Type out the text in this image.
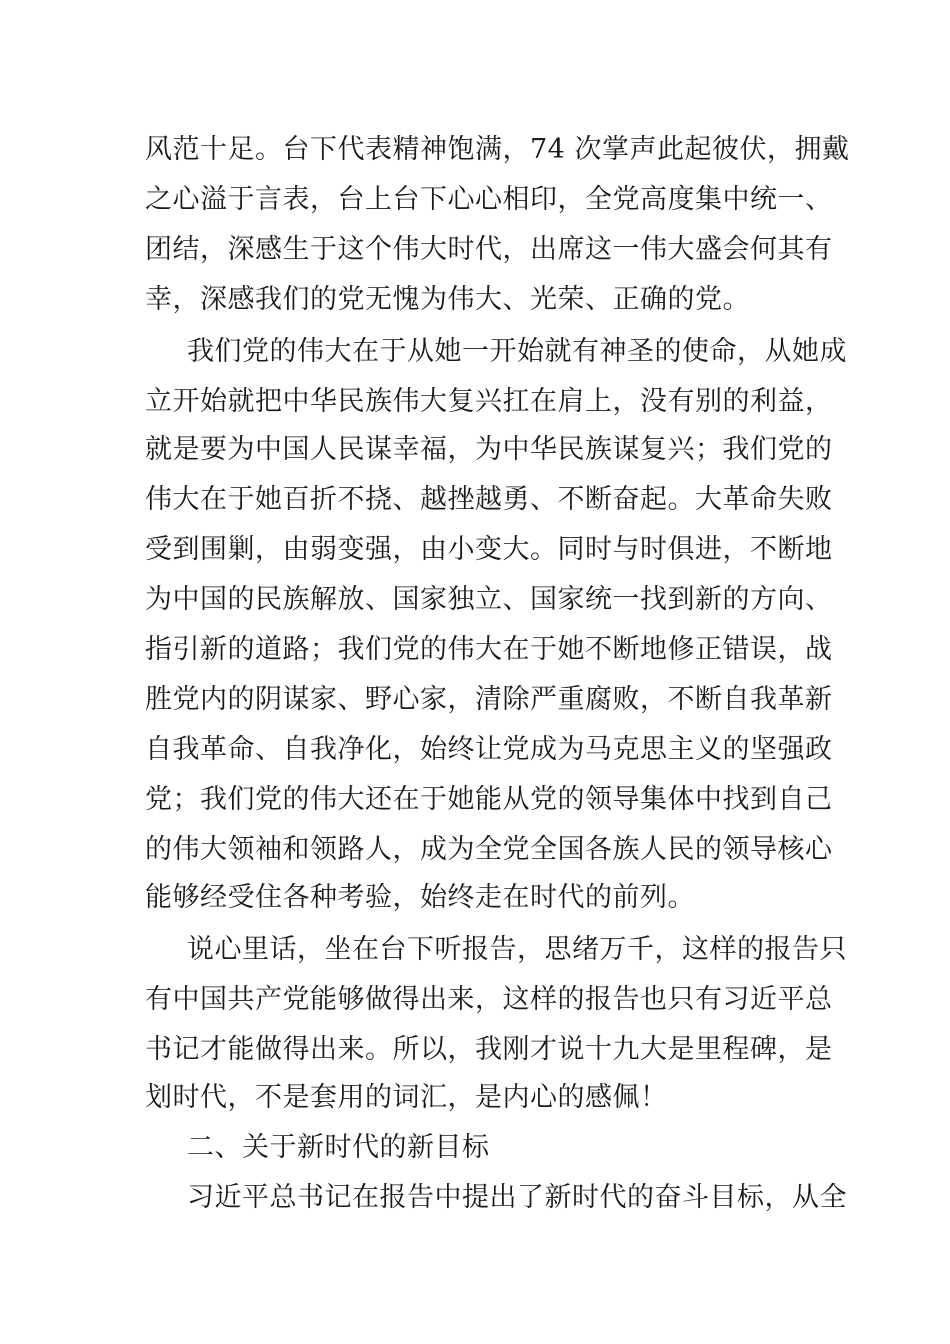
风范十足。台下代表精神饱满，74 次掌声此起彼伏，拥戴
之心溢于言表，台上台下心心相印，全党高度集中统一、
团结，深感生于这个伟大时代，出席这一伟大盛会何其有
幸，深感我们的党无愧为伟大、光荣、正确的党。
我们党的伟大在于从她一开始就有神圣的使命，从她成
立开始就把中华民族伟大复兴扛在肩上，没有别的利益，
就是要为中国人民谋幸福，为中华民族谋复兴；我们党的
伟大在于她百折不挠、越挫越勇、不断奋起。大革命失败
受到围剿，由弱变强，由小变大。同时与时俱进，不断地
为中国的民族解放、国家独立、国家统一找到新的方向、
指引新的道路；我们党的伟大在于她不断地修正错误，战
胜党内的阴谋家、野心家，清除严重腐败，不断自我革新
自我革命、自我净化，始终让党成为马克思主义的坚强政
党；我们党的伟大还在于她能从党的领导集体中找到自己
的伟大领袖和领路人，成为全党全国各族人民的领导核心
能够经受住各种考验，始终走在时代的前列。
说心里话，坐在台下听报告，思绪万千，这样的报告只
有中国共产党能够做得出来，这样的报告也只有习近平总
书记才能做得出来。所以，我刚才说十九大是里程碑，是
划时代，不是套用的词汇，是内心的感佩！
二、关于新时代的新目标
习近平总书记在报告中提出了新时代的奋斗目标，从全
